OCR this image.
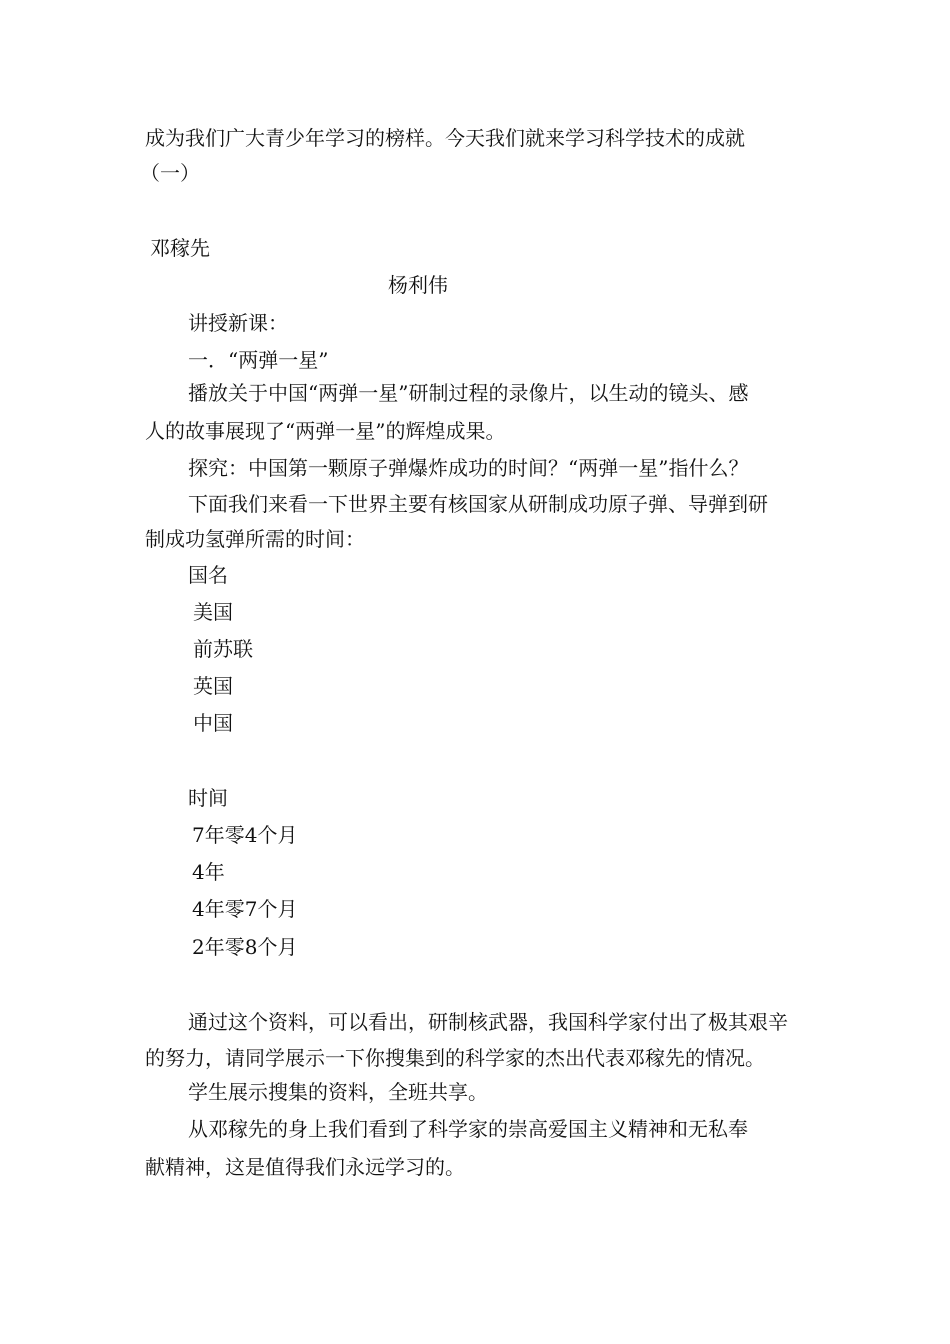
成为我们广大青少年学习的榜样。今天我们就来学习科学技术的成就
（一）
邓稼先
杨利伟
讲授新课：
一．“两弹一星”
播放关于中国“两弹一星”研制过程的录像片，以生动的镜头、感
人的故事展现了“两弹一星”的辉煌成果。
探究：中国第一颗原子弹爆炸成功的时间？“两弹一星”指什么？
下面我们来看一下世界主要有核国家从研制成功原子弹、导弹到研
制成功氢弹所需的时间：
国名
美国
前苏联
英国
中国
时间
7年零4个月
4年
4年零7个月
2年零8个月
通过这个资料，可以看出，研制核武器，我国科学家付出了极其艰辛
的努力，请同学展示一下你搜集到的科学家的杰出代表邓稼先的情况。
学生展示搜集的资料，全班共享。
从邓稼先的身上我们看到了科学家的崇高爱国主义精神和无私奉
献精神，这是值得我们永远学习的。
